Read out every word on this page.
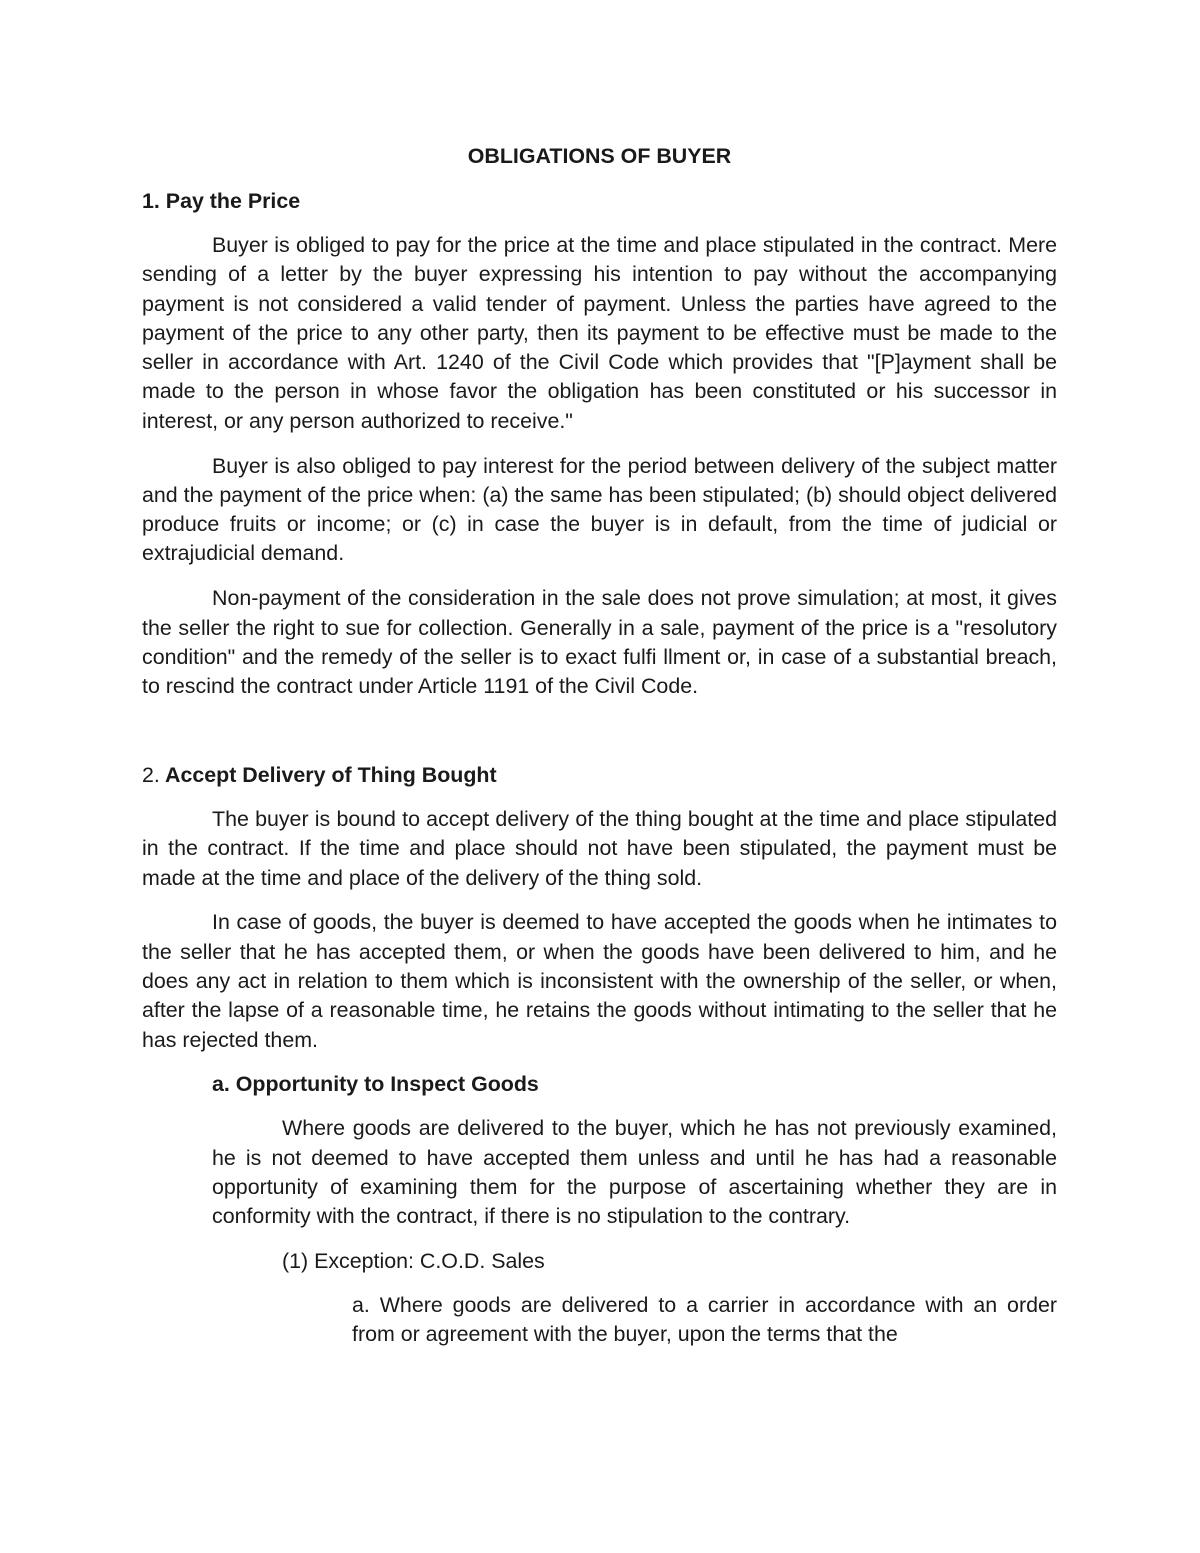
OBLIGATIONS OF BUYER
1. Pay the Price

Buyer is obliged to pay for the price at the time and place stipulated in the contract. Mere sending of a letter by the buyer expressing his intention to pay without the accompanying payment is not considered a valid tender of payment. Unless the parties have agreed to the payment of the price to any other party, then its payment to be effective must be made to the seller in accordance with Art. 1240 of the Civil Code which provides that "[P]ayment shall be made to the person in whose favor the obligation has been constituted or his successor in interest, or any person authorized to receive."

Buyer is also obliged to pay interest for the period between delivery of the subject matter and the payment of the price when: (a) the same has been stipulated; (b) should object delivered produce fruits or income; or (c) in case the buyer is in default, from the time of judicial or extrajudicial demand.

Non-payment of the consideration in the sale does not prove simulation; at most, it gives the seller the right to sue for collection. Generally in a sale, payment of the price is a "resolutory condition" and the remedy of the seller is to exact fulfi llment or, in case of a substantial breach, to rescind the contract under Article 1191 of the Civil Code.

2. Accept Delivery of Thing Bought

The buyer is bound to accept delivery of the thing bought at the time and place stipulated in the contract. If the time and place should not have been stipulated, the payment must be made at the time and place of the delivery of the thing sold.

In case of goods, the buyer is deemed to have accepted the goods when he intimates to the seller that he has accepted them, or when the goods have been delivered to him, and he does any act in relation to them which is inconsistent with the ownership of the seller, or when, after the lapse of a reasonable time, he retains the goods without intimating to the seller that he has rejected them.

a. Opportunity to Inspect Goods

Where goods are delivered to the buyer, which he has not previously examined, he is not deemed to have accepted them unless and until he has had a reasonable opportunity of examining them for the purpose of ascertaining whether they are in conformity with the contract, if there is no stipulation to the contrary.

(1) Exception: C.O.D. Sales

a. Where goods are delivered to a carrier in accordance with an order from or agreement with the buyer, upon the terms that the
